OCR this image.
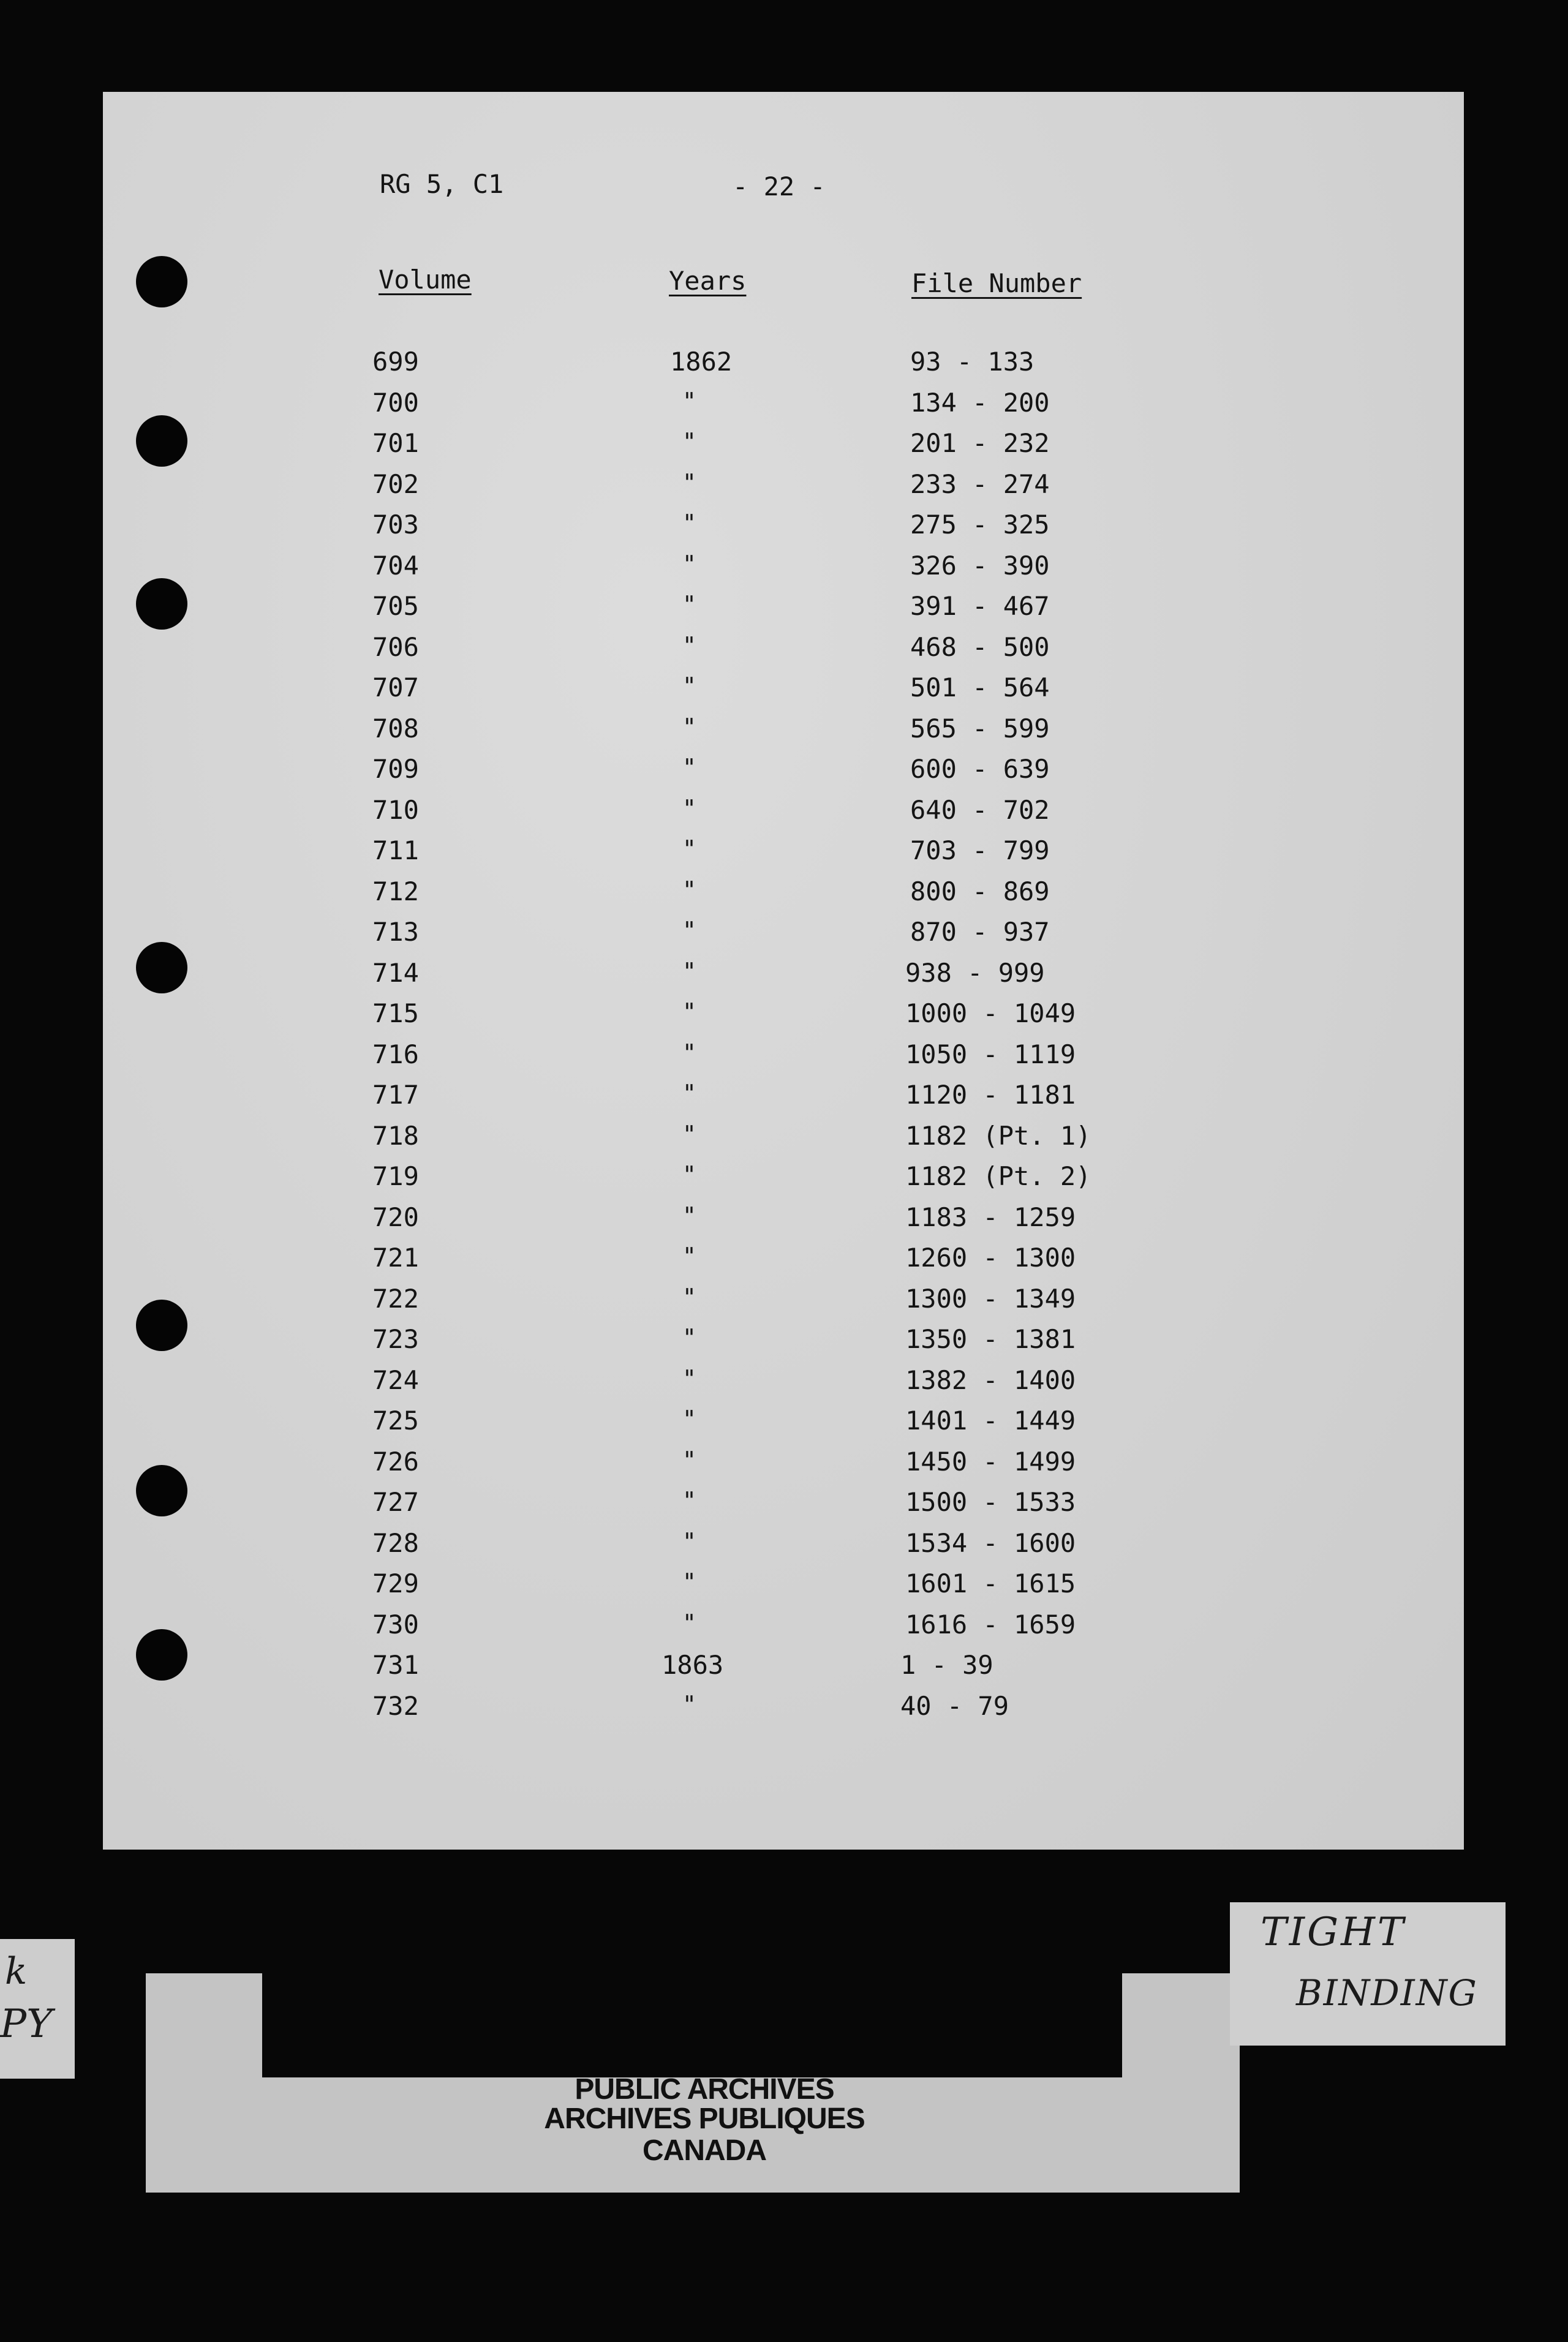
RG 5, C1	- 22 -
Volume	Years	File Number
699	1862	93 - 133
700	"	134 - 200
701	"	201 - 232
702	"	233 - 274
703	"	275 - 325
704	"	326 - 390
705	"	391 - 467
706	"	468 - 500
707	"	501 - 564
708	"	565 - 599
709	"	600 - 639
710	"	640 - 702
711	"	703 - 799
712	"	800 - 869
713	"	870 - 937
714	"	938 - 999
715	"	1000 - 1049
716	"	1050 - 1119
717	"	1120 - 1181
718	"	1182 (Pt. 1)
719	"	1182 (Pt. 2)
720	"	1183 - 1259
721	"	1260 - 1300
722	"	1300 - 1349
723	"	1350 - 1381
724	"	1382 - 1400
725	"	1401 - 1449
726	"	1450 - 1499
727	"	1500 - 1533
728	"	1534 - 1600
729	"	1601 - 1615
730	"	1616 - 1659
731	1863	1 - 39
732	"	40 - 79
PUBLIC ARCHIVES
ARCHIVES PUBLIQUES
CANADA
TIGHT
BINDING
k
PY
